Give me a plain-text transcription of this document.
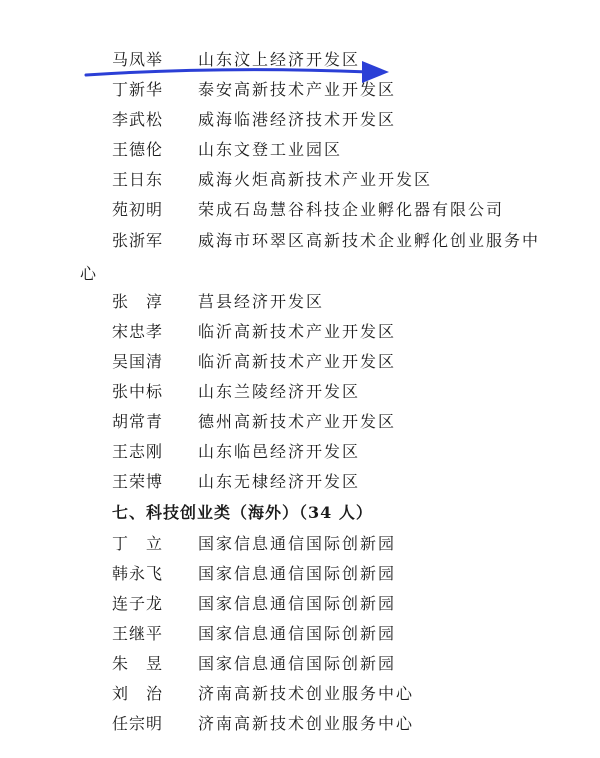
马凤举	山东汶上经济开发区
丁新华	泰安高新技术产业开发区
李武松	威海临港经济技术开发区
王德伦	山东文登工业园区
王日东	威海火炬高新技术产业开发区
苑初明	荣成石岛慧谷科技企业孵化器有限公司
张浙军	威海市环翠区高新技术企业孵化创业服务中
心
张　淳	莒县经济开发区
宋忠孝	临沂高新技术产业开发区
吴国清	临沂高新技术产业开发区
张中标	山东兰陵经济开发区
胡常青	德州高新技术产业开发区
王志刚	山东临邑经济开发区
王荣博	山东无棣经济开发区
七、科技创业类（海外）（34 人）
丁　立	国家信息通信国际创新园
韩永飞	国家信息通信国际创新园
连子龙	国家信息通信国际创新园
王继平	国家信息通信国际创新园
朱　昱	国家信息通信国际创新园
刘　治	济南高新技术创业服务中心
任宗明	济南高新技术创业服务中心
